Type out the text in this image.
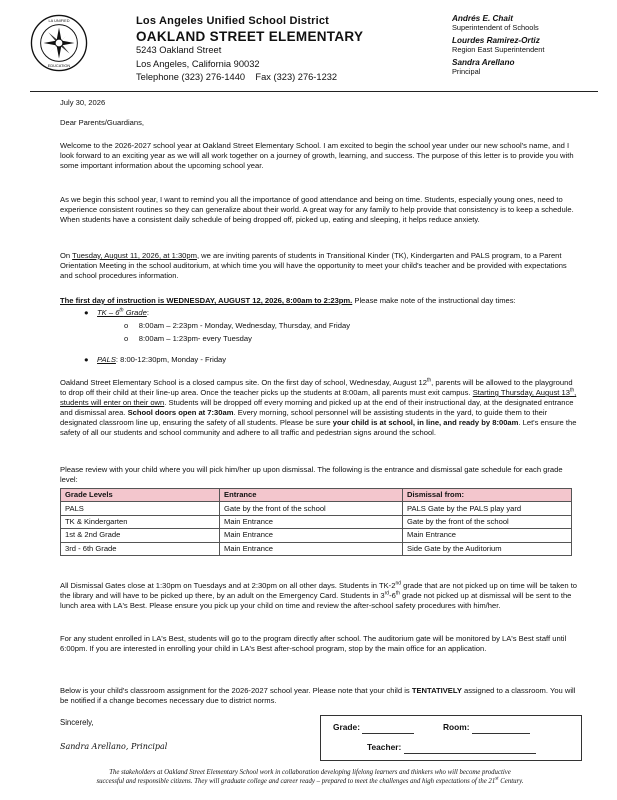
LA UNIFIED
EDUCATION
Los Angeles Unified School District
OAKLAND STREET ELEMENTARY
5243 Oakland Street
Los Angeles, California 90032
Telephone (323) 276-1440 Fax (323) 276-1232
Andrés E. Chait
Superintendent of Schools
Lourdes Ramirez-Ortiz
Region East Superintendent
Sandra Arellano
Principal

July 30, 2026

Dear Parents/Guardians,

Welcome to the 2026-2027 school year at Oakland Street Elementary School. I am excited to begin the school year under our new school's name, and I look forward to an exciting year as we will all work together on a journey of growth, learning, and success. The purpose of this letter is to provide you with some important information about the upcoming school year.

As we begin this school year, I want to remind you all the importance of good attendance and being on time. Students, especially young ones, need to experience consistent routines so they can generalize about their world. A great way for any family to help provide that consistency is to keep a schedule. When students have a consistent daily schedule of being dropped off, picked up, eating and sleeping, it helps reduce anxiety.

On Tuesday, August 11, 2026, at 1:30pm, we are inviting parents of students in Transitional Kinder (TK), Kindergarten and PALS program, to a Parent Orientation Meeting in the school auditorium, at which time you will have the opportunity to meet your child's teacher and be provided with expectations and school procedures information.

The first day of instruction is WEDNESDAY, AUGUST 12, 2026, 8:00am to 2:23pm. Please make note of the instructional day times:

● TK – 6th Grade:
o 8:00am – 2:23pm - Monday, Wednesday, Thursday, and Friday
o 8:00am – 1:23pm- every Tuesday
● PALS: 8:00-12:30pm, Monday - Friday

Oakland Street Elementary School is a closed campus site. On the first day of school, Wednesday, August 12th, parents will be allowed to the playground to drop off their child at their line-up area. Once the teacher picks up the students at 8:00am, all parents must exit campus. Starting Thursday, August 13th, students will enter on their own. Students will be dropped off every morning and picked up at the end of their instructional day, at the designated entrance and dismissal area. School doors open at 7:30am. Every morning, school personnel will be assisting students in the yard, to guide them to their designated classroom line up, ensuring the safety of all students. Please be sure your child is at school, in line, and ready by 8:00am. Let's ensure the safety of all our students and school community and adhere to all traffic and pedestrian signs around the school.

Please review with your child where you will pick him/her up upon dismissal. The following is the entrance and dismissal gate schedule for each grade level:

Grade Levels	Entrance	Dismissal from:
PALS	Gate by the front of the school	PALS Gate by the PALS play yard
TK & Kindergarten	Main Entrance	Gate by the front of the school
1st & 2nd Grade	Main Entrance	Main Entrance
3rd - 6th Grade	Main Entrance	Side Gate by the Auditorium

All Dismissal Gates close at 1:30pm on Tuesdays and at 2:30pm on all other days. Students in TK-2nd grade that are not picked up on time will be taken to the library and will have to be picked up there, by an adult on the Emergency Card. Students in 3rd-6th grade not picked up at dismissal will be sent to the lunch area with LA's Best. Please ensure you pick up your child on time and review the after-school safety procedures with him/her.

For any student enrolled in LA's Best, students will go to the program directly after school. The auditorium gate will be monitored by LA's Best staff until 6:00pm. If you are interested in enrolling your child in LA's Best after-school program, stop by the main office for an application.

Below is your child's classroom assignment for the 2026-2027 school year. Please note that your child is TENTATIVELY assigned to a classroom. You will be notified if a change becomes necessary due to district norms.

Sincerely,
Sandra Arellano, Principal
Grade:	Room:
Teacher:
The stakeholders at Oakland Street Elementary School work in collaboration developing lifelong learners and thinkers who will become productive
successful and responsible citizens. They will graduate college and career ready – prepared to meet the challenges and high expectations of the 21st Century.
